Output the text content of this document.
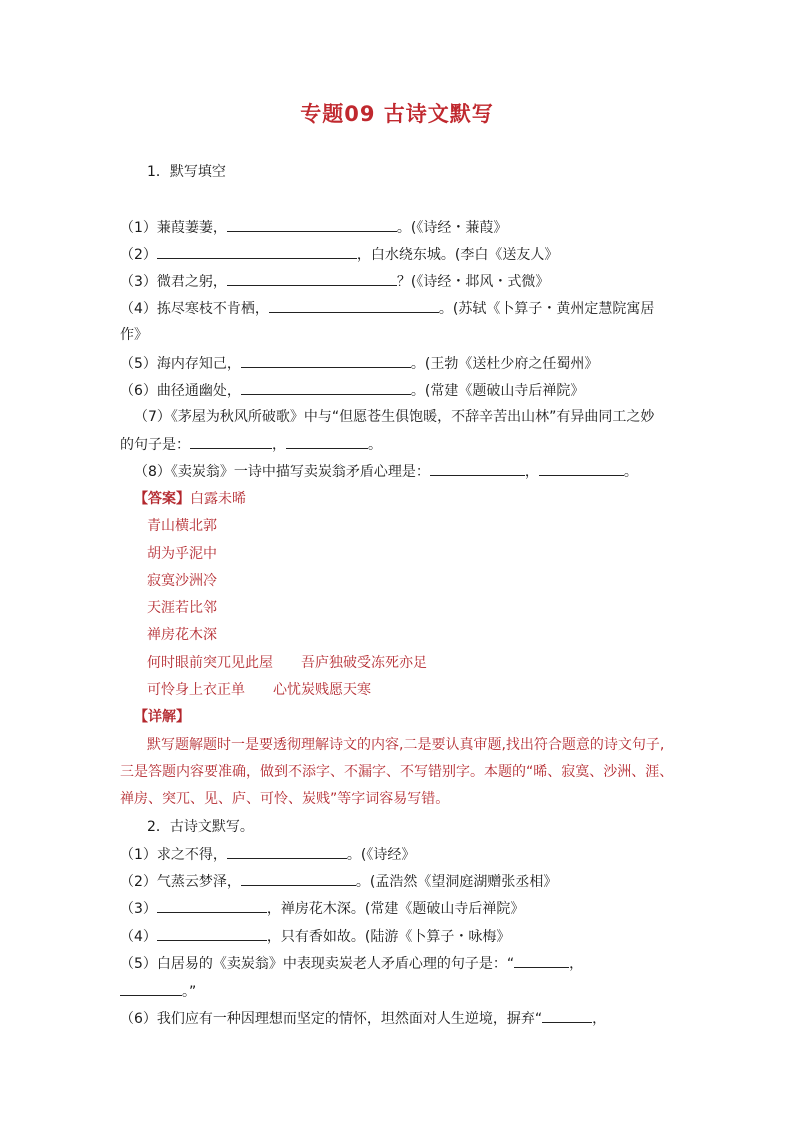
专题09 古诗文默写
1．默写填空
（1）蒹葭萋萋，	。(《诗经・蒹葭》
（2）	，白水绕东城。(李白《送友人》
（3）微君之躬，	？(《诗经・邶风・式微》
（4）拣尽寒枝不肯栖，	。(苏轼《卜算子・黄州定慧院寓居
作》
（5）海内存知己，	。(王勃《送杜少府之任蜀州》
（6）曲径通幽处，	。(常建《题破山寺后禅院》
（7）《茅屋为秋风所破歌》中与“但愿苍生俱饱暖，不辞辛苦出山林”有异曲同工之妙
的句子是：	，	。
（8）《卖炭翁》一诗中描写卖炭翁矛盾心理是：	，	。
【答案】白露未晞
青山横北郭
胡为乎泥中
寂寞沙洲冷
天涯若比邻
禅房花木深
何时眼前突兀见此屋 吾庐独破受冻死亦足
可怜身上衣正单 心忧炭贱愿天寒
【详解】
默写题解题时一是要透彻理解诗文的内容,二是要认真审题,找出符合题意的诗文句子,
三是答题内容要准确，做到不添字、不漏字、不写错别字。本题的“晞、寂寞、沙洲、涯、
禅房、突兀、见、庐、可怜、炭贱”等字词容易写错。
2．古诗文默写。
（1）求之不得，	。(《诗经》
（2）气蒸云梦泽，	。(孟浩然《望洞庭湖赠张丞相》
（3）	，禅房花木深。(常建《题破山寺后禅院》
（4）	，只有香如故。(陆游《卜算子・咏梅》
（5）白居易的《卖炭翁》中表现卖炭老人矛盾心理的句子是：“	，
。”
（6）我们应有一种因理想而坚定的情怀，坦然面对人生逆境，摒弃“	，
